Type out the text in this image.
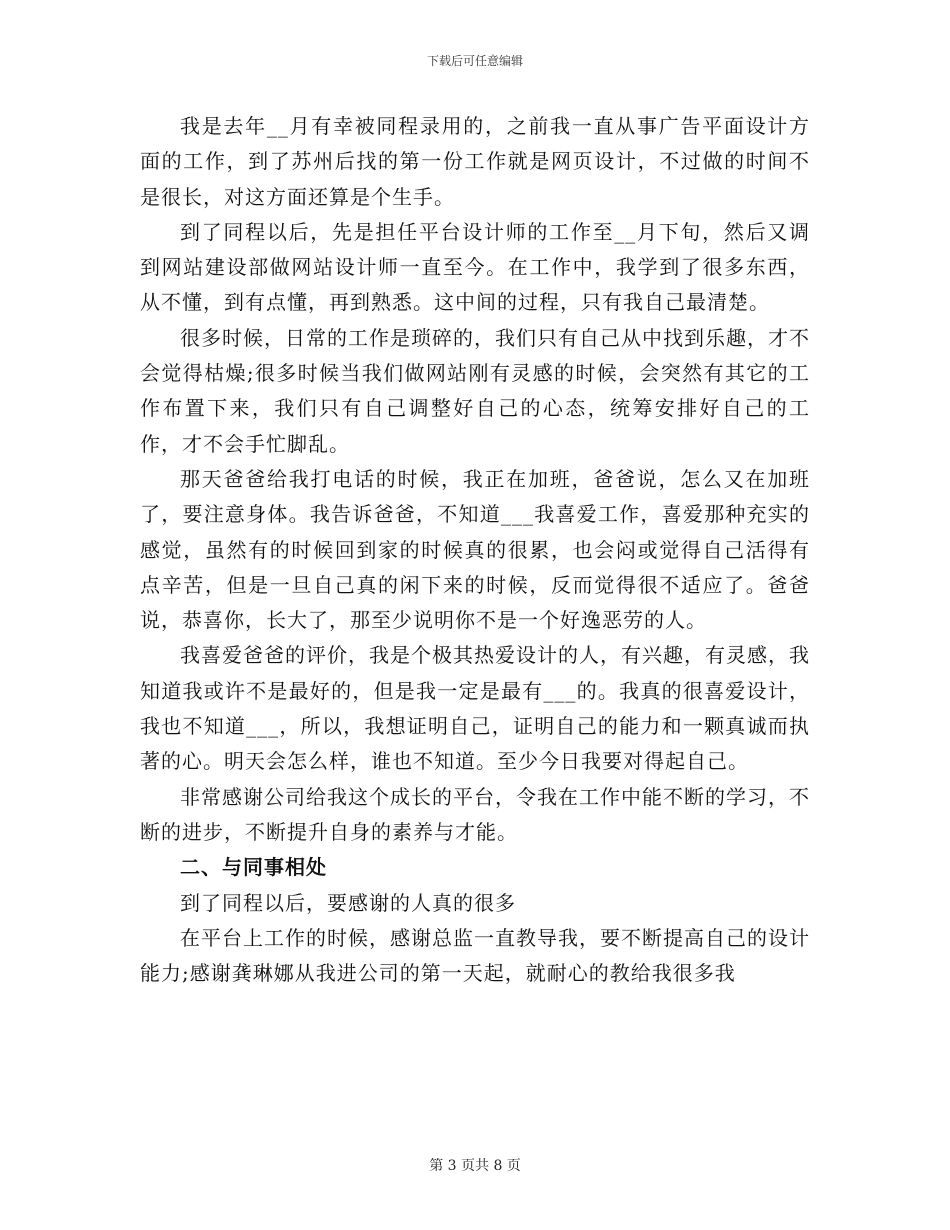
下载后可任意编辑

我是去年__月有幸被同程录用的，之前我一直从事广告平面设计方面的工作，到了苏州后找的第一份工作就是网页设计，不过做的时间不是很长，对这方面还算是个生手。

到了同程以后，先是担任平台设计师的工作至__月下旬，然后又调到网站建设部做网站设计师一直至今。在工作中，我学到了很多东西，从不懂，到有点懂，再到熟悉。这中间的过程，只有我自己最清楚。

很多时候，日常的工作是琐碎的，我们只有自己从中找到乐趣，才不会觉得枯燥;很多时候当我们做网站刚有灵感的时候，会突然有其它的工作布置下来，我们只有自己调整好自己的心态，统筹安排好自己的工作，才不会手忙脚乱。

那天爸爸给我打电话的时候，我正在加班，爸爸说，怎么又在加班了，要注意身体。我告诉爸爸，不知道___我喜爱工作，喜爱那种充实的感觉，虽然有的时候回到家的时候真的很累，也会闷或觉得自己活得有点辛苦，但是一旦自己真的闲下来的时候，反而觉得很不适应了。爸爸说，恭喜你，长大了，那至少说明你不是一个好逸恶劳的人。

我喜爱爸爸的评价，我是个极其热爱设计的人，有兴趣，有灵感，我知道我或许不是最好的，但是我一定是最有___的。我真的很喜爱设计，我也不知道___，所以，我想证明自己，证明自己的能力和一颗真诚而执著的心。明天会怎么样，谁也不知道。至少今日我要对得起自己。

非常感谢公司给我这个成长的平台，令我在工作中能不断的学习，不断的进步，不断提升自身的素养与才能。

二、与同事相处

到了同程以后，要感谢的人真的很多

在平台上工作的时候，感谢总监一直教导我，要不断提高自己的设计能力;感谢龚琳娜从我进公司的第一天起，就耐心的教给我很多我

第 3 页共 8 页
